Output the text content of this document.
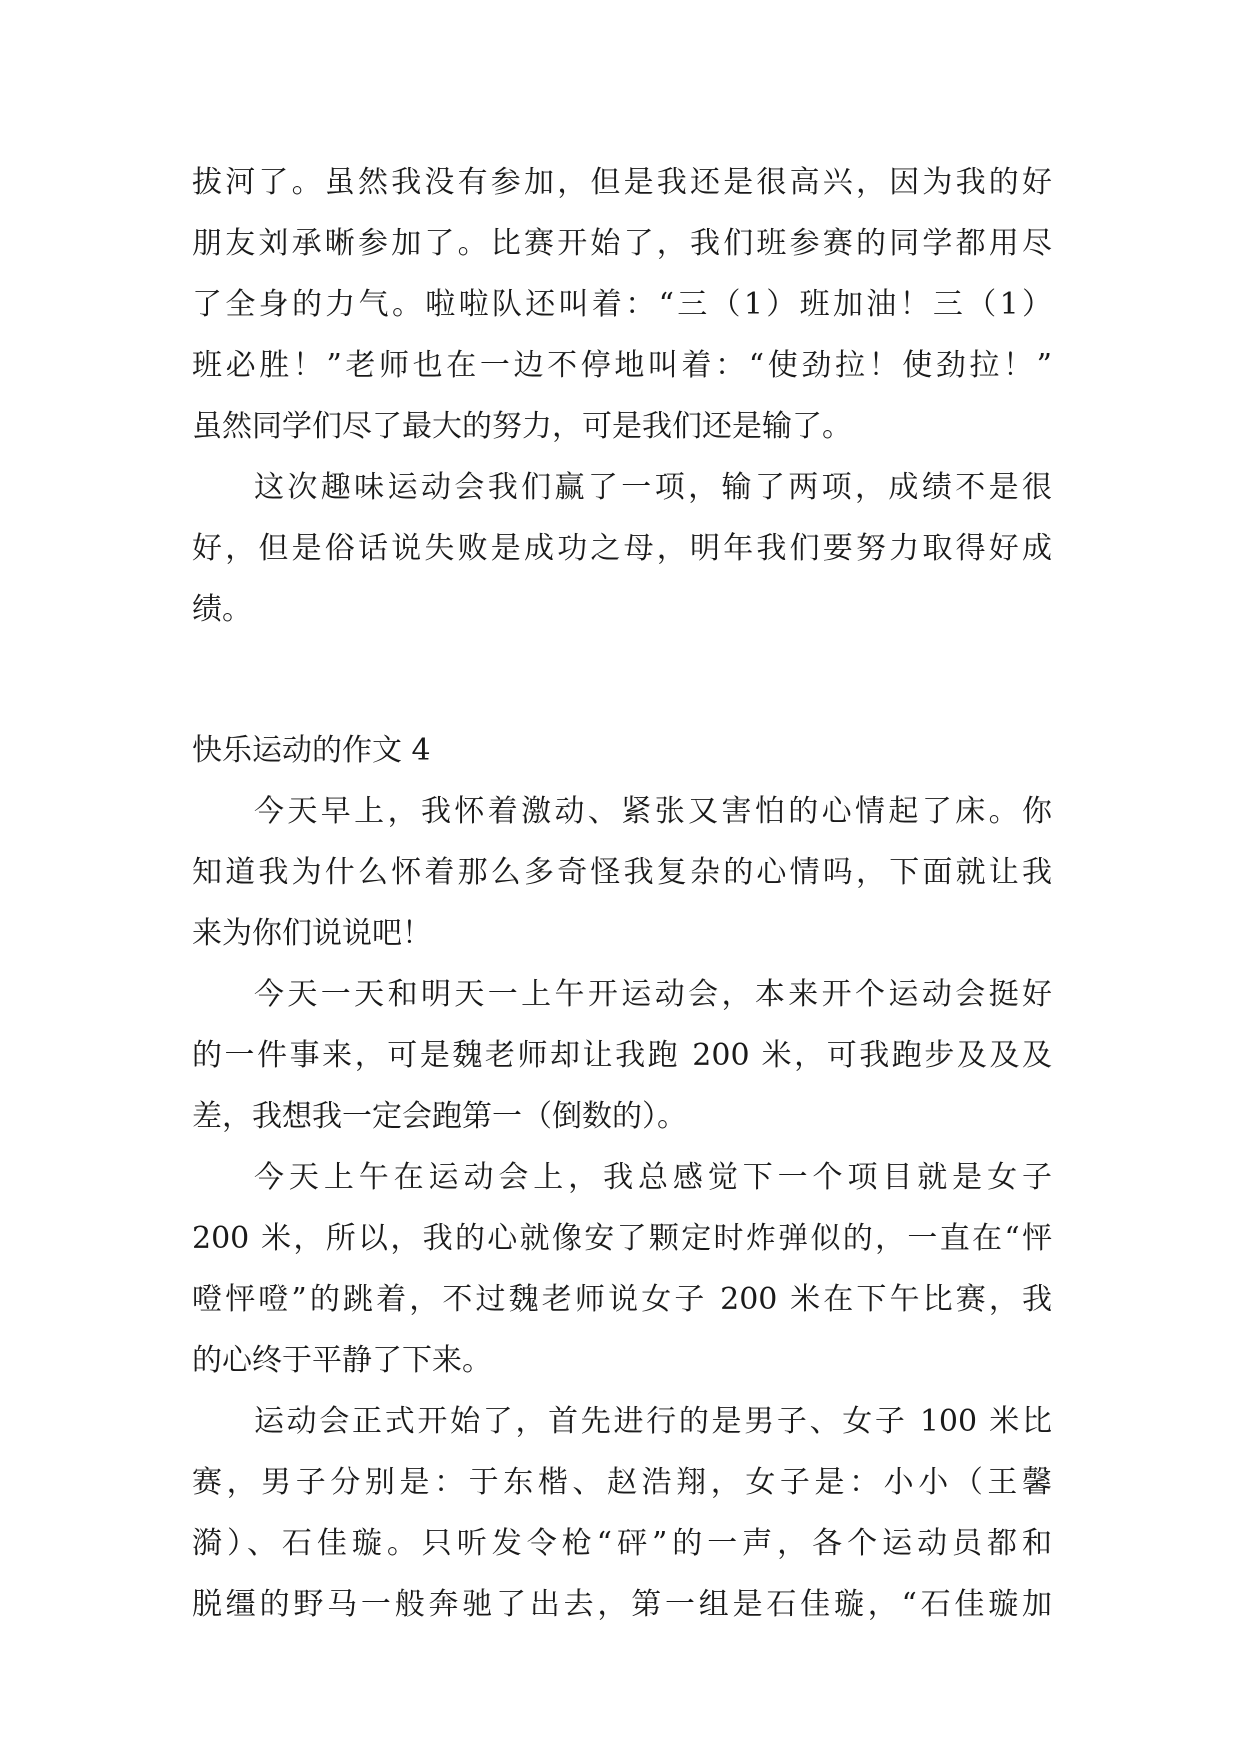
拔河了。虽然我没有参加，但是我还是很高兴，因为我的好
朋友刘承晰参加了。比赛开始了，我们班参赛的同学都用尽
了全身的力气。啦啦队还叫着：“三（1）班加油！三（1）
班必胜！”老师也在一边不停地叫着：“使劲拉！使劲拉！”
虽然同学们尽了最大的努力，可是我们还是输了。
这次趣味运动会我们赢了一项，输了两项，成绩不是很
好，但是俗话说失败是成功之母，明年我们要努力取得好成
绩。
快乐运动的作文 4
今天早上，我怀着激动、紧张又害怕的心情起了床。你
知道我为什么怀着那么多奇怪我复杂的心情吗，下面就让我
来为你们说说吧！
今天一天和明天一上午开运动会，本来开个运动会挺好
的一件事来，可是魏老师却让我跑 200 米，可我跑步及及及
差，我想我一定会跑第一（倒数的）。
今天上午在运动会上，我总感觉下一个项目就是女子
200 米，所以，我的心就像安了颗定时炸弹似的，一直在“怦
噔怦噔”的跳着，不过魏老师说女子 200 米在下午比赛，我
的心终于平静了下来。
运动会正式开始了，首先进行的是男子、女子 100 米比
赛，男子分别是：于东楷、赵浩翔，女子是：小小（王馨
漪）、石佳璇。只听发令枪“砰”的一声，各个运动员都和
脱缰的野马一般奔驰了出去，第一组是石佳璇，“石佳璇加
